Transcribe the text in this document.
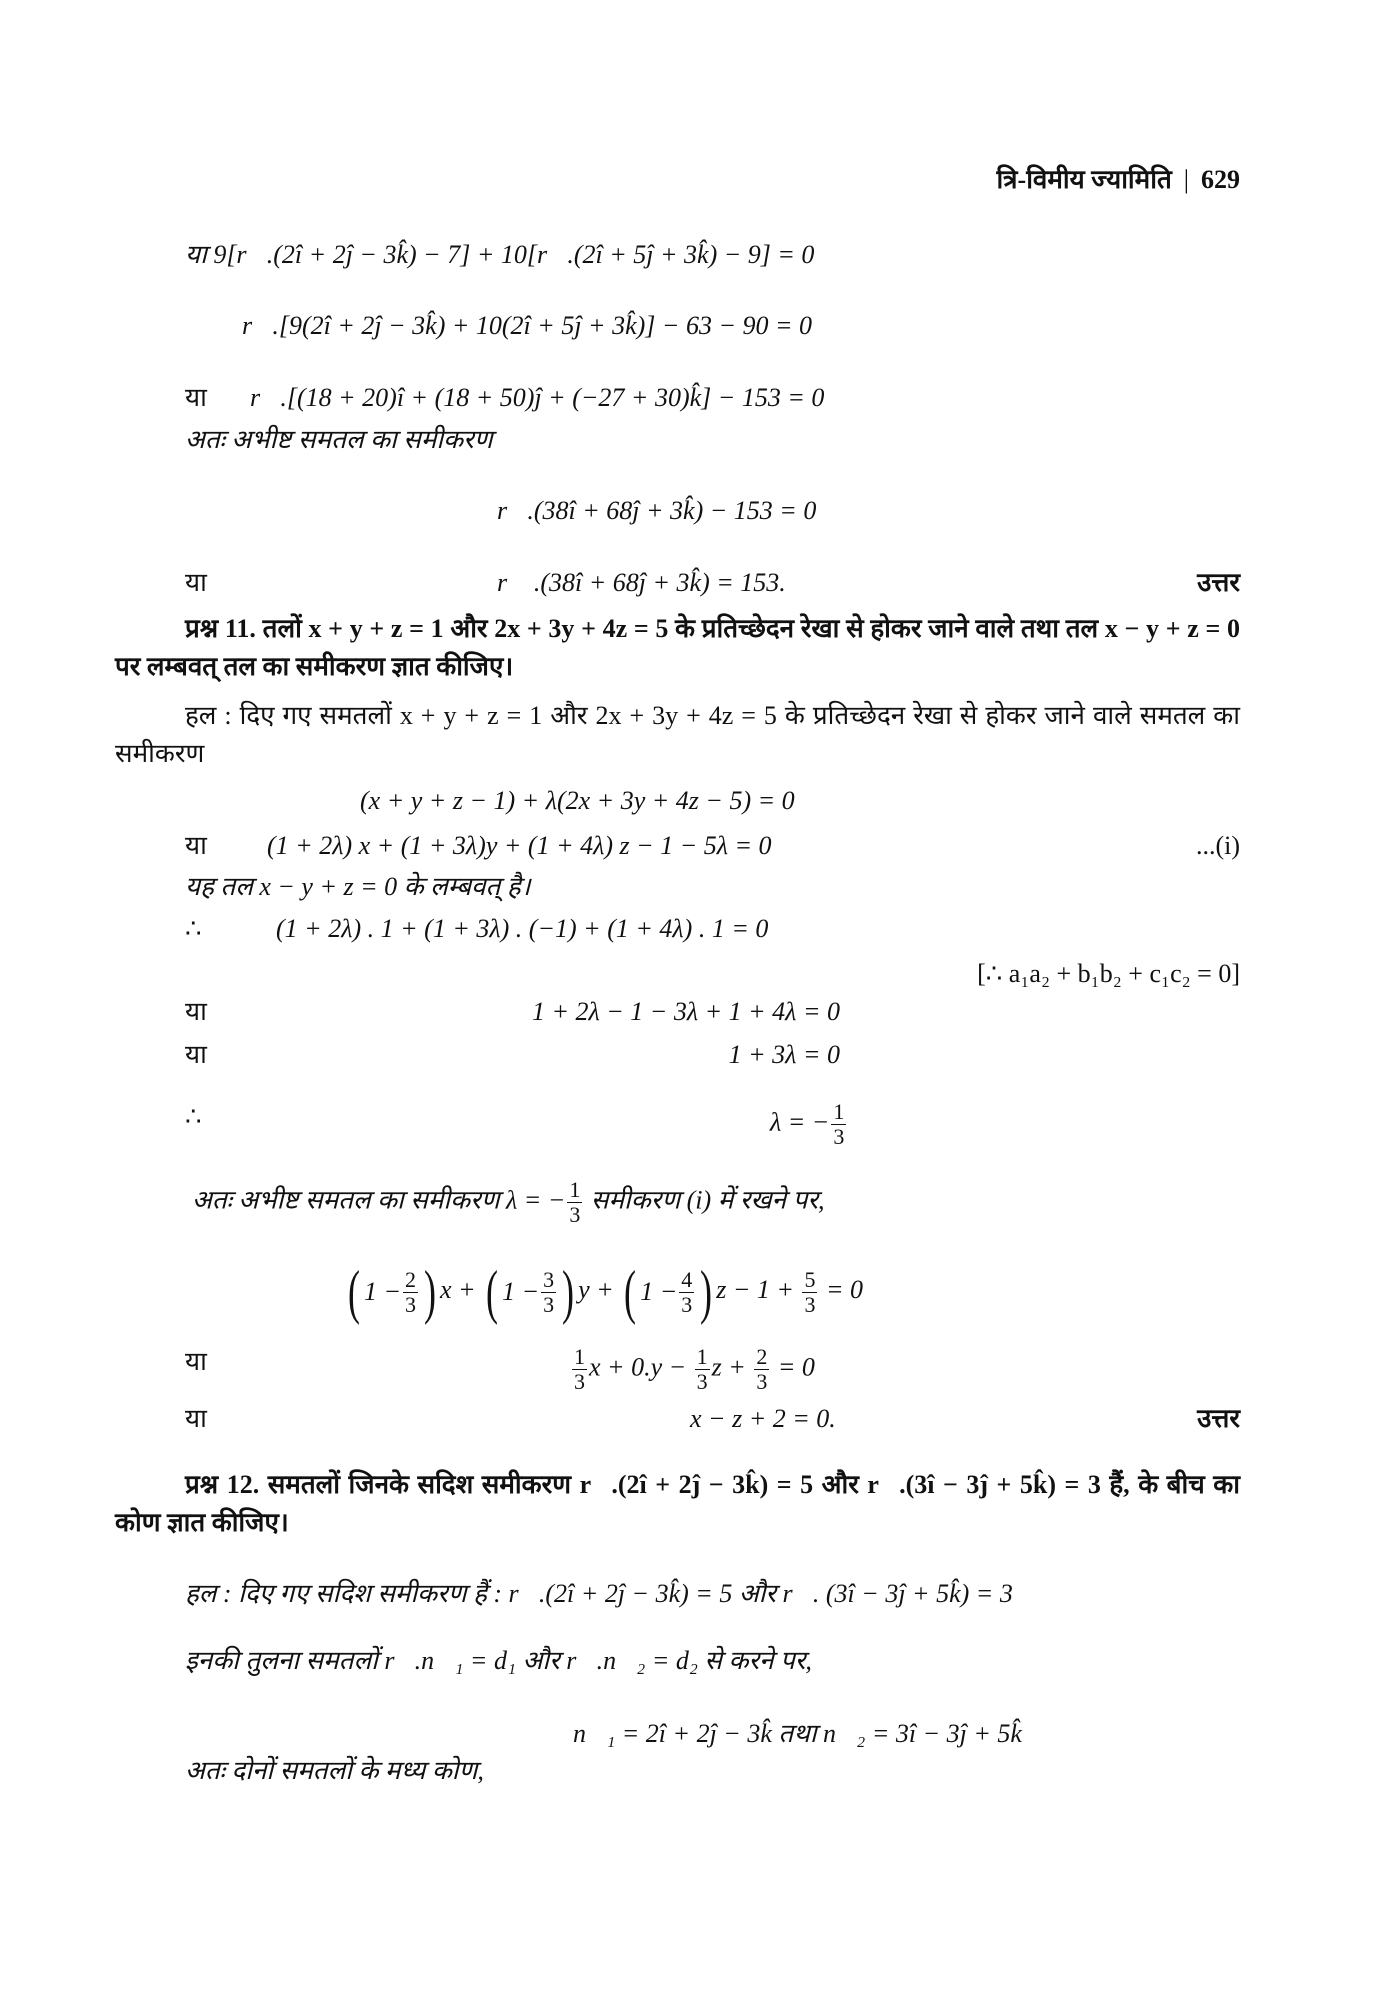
त्रि-विमीय ज्यामिति | 629
या 9[r⃗.(2î + 2ĵ − 3k̂) − 7] + 10[r⃗.(2î + 5ĵ + 3k̂) − 9] = 0
r⃗.[9(2î + 2ĵ − 3k̂) + 10(2î + 5ĵ + 3k̂)] − 63 − 90 = 0
या r⃗.[(18 + 20)î + (18 + 50)ĵ + (−27 + 30)k̂] − 153 = 0
अतः अभीष्ट समतल का समीकरण
r⃗.(38î + 68ĵ + 3k̂) − 153 = 0
या	r⃗ .(38î + 68ĵ + 3k̂) = 153.	उत्तर
प्रश्न 11. तलों x + y + z = 1 और 2x + 3y + 4z = 5 के प्रतिच्छेदन रेखा से होकर जाने वाले तथा तल x − y + z = 0 पर लम्बवत् तल का समीकरण ज्ञात कीजिए।
हल : दिए गए समतलों x + y + z = 1 और 2x + 3y + 4z = 5 के प्रतिच्छेदन रेखा से होकर जाने वाले समतल का समीकरण
(x + y + z − 1) + λ(2x + 3y + 4z − 5) = 0
या (1 + 2λ) x + (1 + 3λ)y + (1 + 4λ) z − 1 − 5λ = 0	...(i)
यह तल x − y + z = 0 के लम्बवत् है।
∴	(1 + 2λ) . 1 + (1 + 3λ) . (−1) + (1 + 4λ) . 1 = 0
[∴ a₁a₂ + b₁b₂ + c₁c₂ = 0]
या	1 + 2λ − 1 − 3λ + 1 + 4λ = 0
या	1 + 3λ = 0
∴	λ = − $\frac{1}{3}$
अतः अभीष्ट समतल का समीकरण λ = − $\frac{1}{3}$ समीकरण (i) में रखने पर,
( $1 - \frac{2}{3}$ ) x + ( $1 - \frac{3}{3}$ ) y + ( $1 - \frac{4}{3}$ ) $z - 1 + \frac{5}{3} = 0$
या	$\frac{1}{3}$ $x + 0.y - \frac{1}{3}$ $z + \frac{2}{3} = 0$
या	x − z + 2 = 0.	उत्तर
प्रश्न 12. समतलों जिनके सदिश समीकरण r⃗.(2î + 2ĵ − 3k̂) = 5 और r⃗.(3î − 3ĵ + 5k̂) = 3 हैं, के बीच का कोण ज्ञात कीजिए।
हल : दिए गए सदिश समीकरण हैं : r⃗.(2î + 2ĵ − 3k̂) = 5 और r⃗. (3î − 3ĵ + 5k̂) = 3
इनकी तुलना समतलों r⃗.n⃗₁ = d₁ और r⃗.n⃗₂ = d₂ से करने पर,
n⃗₁ = 2î + 2ĵ − 3k̂ तथा n⃗₂ = 3î − 3ĵ + 5k̂
अतः दोनों समतलों के मध्य कोण,
